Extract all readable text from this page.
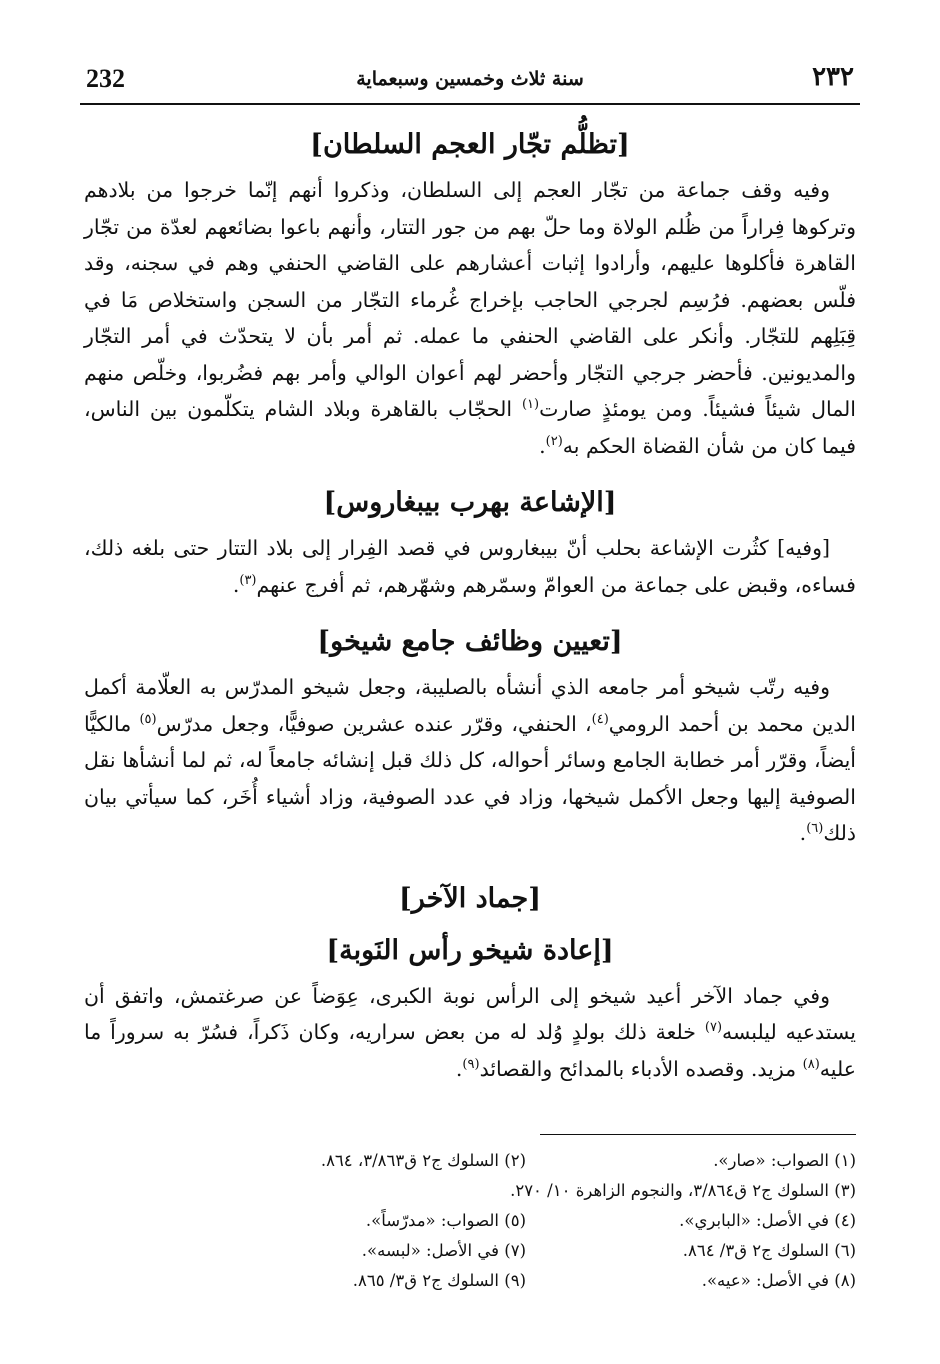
232	سنة ثلاث وخمسين وسبعماية	٢٣٢
[تظلُّم تجّار العجم السلطان]

وفيه وقف جماعة من تجّار العجم إلى السلطان، وذكروا أنهم إنّما خرجوا من بلادهم وتركوها فِراراً من ظُلم الولاة وما حلّ بهم من جور التتار، وأنهم باعوا بضائعهم لعدّة من تجّار القاهرة فأكلوها عليهم، وأرادوا إثبات أعشارهم على القاضي الحنفي وهم في سجنه، وقد فلّس بعضهم. فرُسِم لجرجي الحاجب بإخراج غُرماء التجّار من السجن واستخلاص مَا في قِبَلِهم للتجّار. وأنكر على القاضي الحنفي ما عمله. ثم أمر بأن لا يتحدّث في أمر التجّار والمديونين. فأحضر جرجي التجّار وأحضر لهم أعوان الوالي وأمر بهم فضُربوا، وخلّص منهم المال شيئاً فشيئاً. ومن يومئذٍ صارت$^{(١)}$ الحجّاب بالقاهرة وبلاد الشام يتكلّمون بين الناس، فيما كان من شأن القضاة الحكم به$^{(٢)}$.

[الإشاعة بهرب بيبغاروس]

[وفيه] كثُرت الإشاعة بحلب أنّ بيبغاروس في قصد الفِرار إلى بلاد التتار حتى بلغه ذلك، فساءه، وقبض على جماعة من العوامّ وسمّرهم وشهّرهم، ثم أفرج عنهم$^{(٣)}$.

[تعيين وظائف جامع شيخو]

وفيه رتّب شيخو أمر جامعه الذي أنشأه بالصليبة، وجعل شيخو المدرّس به العلّامة أكمل الدين محمد بن أحمد الرومي$^{(٤)}$، الحنفي، وقرّر عنده عشرين صوفيًّا، وجعل مدرّس$^{(٥)}$ مالكيًّا أيضاً، وقرّر أمر خطابة الجامع وسائر أحواله، كل ذلك قبل إنشائه جامعاً له، ثم لما أنشأها نقل الصوفية إليها وجعل الأكمل شيخها، وزاد في عدد الصوفية، وزاد أشياء أُخَر، كما سيأتي بيان ذلك$^{(٦)}$.

[جماد الآخر]
[إعادة شيخو رأس النَوبة]

وفي جماد الآخر أعيد شيخو إلى الرأس نوبة الكبرى، عِوَضاً عن صرغتمش، واتفق أن يستدعيه ليلبسه$^{(٧)}$ خلعة ذلك بولدٍ وُلد له من بعض سراريه، وكان ذَكراً، فسُرّ به سروراً ما عليه$^{(٨)}$ مزيد. وقصده الأدباء بالمدائح والقصائد$^{(٩)}$.

(١) الصواب: «صار».
(٢) السلوك ج٢ ق٣/٨٦٣، ٨٦٤.
(٣) السلوك ج٢ ق٣/٨٦٤، والنجوم الزاهرة ١٠/ ٢٧٠.
(٤) في الأصل: «البابري».
(٥) الصواب: «مدرّساً».
(٦) السلوك ج٢ ق٣/ ٨٦٤.
(٧) في الأصل: «لبسه».
(٨) في الأصل: «عيه».
(٩) السلوك ج٢ ق٣/ ٨٦٥.
